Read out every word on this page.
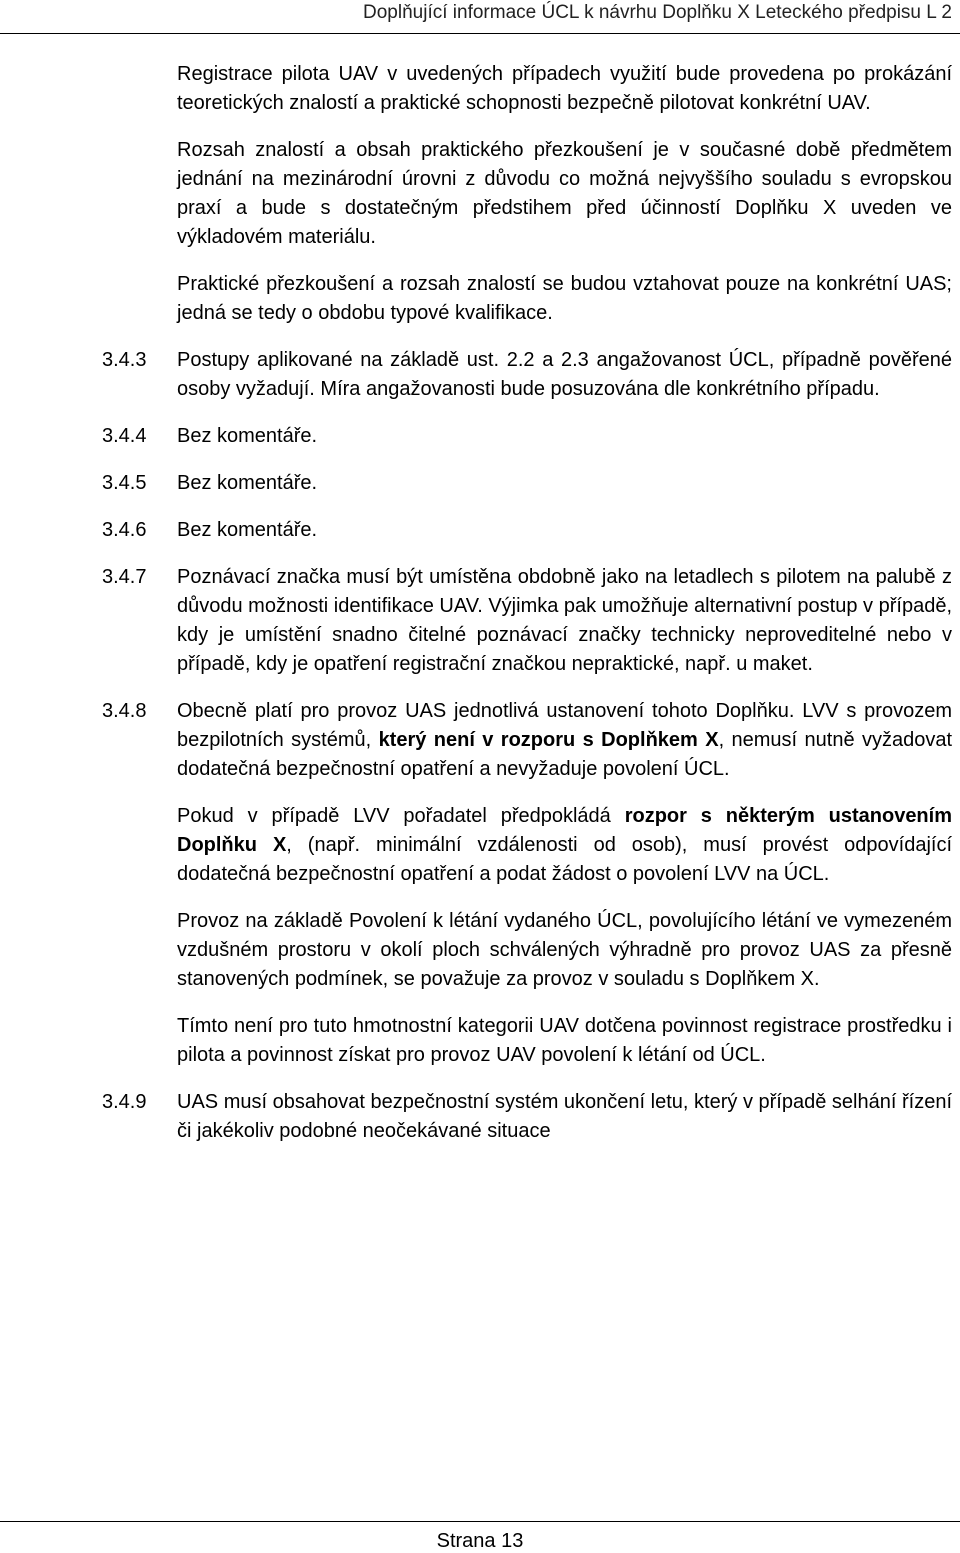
Doplňující informace ÚCL k návrhu Doplňku X Leteckého předpisu L 2

Registrace pilota UAV v uvedených případech využití bude provedena po prokázání teoretických znalostí a praktické schopnosti bezpečně pilotovat konkrétní UAV.

Rozsah znalostí a obsah praktického přezkoušení je v současné době předmětem jednání na mezinárodní úrovni z důvodu co možná nejvyššího souladu s evropskou praxí a bude s dostatečným předstihem před účinností Doplňku X uveden ve výkladovém materiálu.

Praktické přezkoušení a rozsah znalostí se budou vztahovat pouze na konkrétní UAS; jedná se tedy o obdobu typové kvalifikace.

3.4.3	Postupy aplikované na základě ust. 2.2 a 2.3 angažovanost ÚCL, případně pověřené osoby vyžadují. Míra angažovanosti bude posuzována dle konkrétního případu.

3.4.4	Bez komentáře.

3.4.5	Bez komentáře.

3.4.6	Bez komentáře.

3.4.7	Poznávací značka musí být umístěna obdobně jako na letadlech s pilotem na palubě z důvodu možnosti identifikace UAV. Výjimka pak umožňuje alternativní postup v případě, kdy je umístění snadno čitelné poznávací značky technicky neproveditelné nebo v případě, kdy je opatření registrační značkou nepraktické, např. u maket.

3.4.8	Obecně platí pro provoz UAS jednotlivá ustanovení tohoto Doplňku. LVV s provozem bezpilotních systémů, který není v rozporu s Doplňkem X, nemusí nutně vyžadovat dodatečná bezpečnostní opatření a nevyžaduje povolení ÚCL.

Pokud v případě LVV pořadatel předpokládá rozpor s některým ustanovením Doplňku X, (např. minimální vzdálenosti od osob), musí provést odpovídající dodatečná bezpečnostní opatření a podat žádost o povolení LVV na ÚCL.

Provoz na základě Povolení k létání vydaného ÚCL, povolujícího létání ve vymezeném vzdušném prostoru v okolí ploch schválených výhradně pro provoz UAS za přesně stanovených podmínek, se považuje za provoz v souladu s Doplňkem X.

Tímto není pro tuto hmotnostní kategorii UAV dotčena povinnost registrace prostředku i pilota a povinnost získat pro provoz UAV povolení k létání od ÚCL.

3.4.9	UAS musí obsahovat bezpečnostní systém ukončení letu, který v případě selhání řízení či jakékoliv podobné neočekávané situace

Strana 13
